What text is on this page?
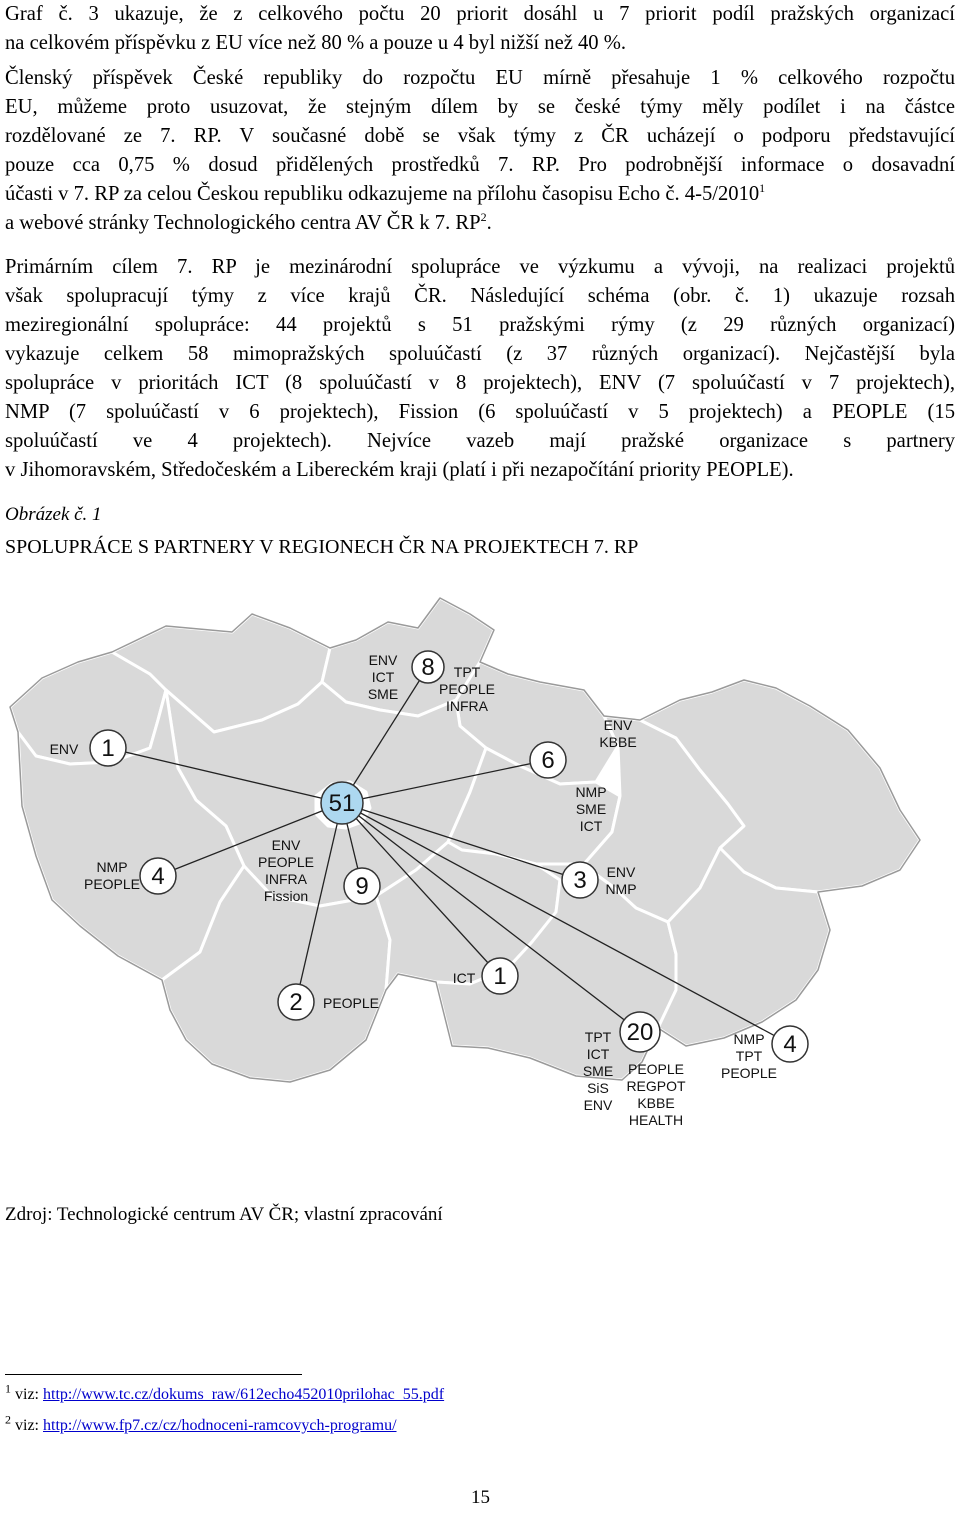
Graf č. 3 ukazuje, že z celkového počtu 20 priorit dosáhl u 7 priorit podíl pražských organizací
na celkovém příspěvku z EU více než 80 % a pouze u 4 byl nižší než 40 %.
Členský příspěvek České republiky do rozpočtu EU mírně přesahuje 1 % celkového rozpočtu
EU, můžeme proto usuzovat, že stejným dílem by se české týmy měly podílet i na částce
rozdělované ze 7. RP. V současné době se však týmy z ČR ucházejí o podporu představující
pouze cca 0,75 % dosud přidělených prostředků 7. RP. Pro podrobnější informace o dosavadní
účasti v 7. RP za celou Českou republiku odkazujeme na přílohu časopisu Echo č. 4-5/2010$^1$
a webové stránky Technologického centra AV ČR k 7. $RP^2$.
Primárním cílem 7. RP je mezinárodní spolupráce ve výzkumu a vývoji, na realizaci projektů
však spolupracují týmy z více krajů ČR. Následující schéma (obr. č. 1) ukazuje rozsah
meziregionální spolupráce: 44 projektů s 51 pražskými rýmy (z 29 různých organizací)
vykazuje celkem 58 mimopražských spoluúčastí (z 37 různých organizací). Nejčastější byla
spolupráce v prioritách ICT (8 spoluúčastí v 8 projektech), ENV (7 spoluúčastí v 7 projektech),
NMP (7 spoluúčastí v 6 projektech), Fission (6 spoluúčastí v 5 projektech) a PEOPLE (15
spoluúčastí ve 4 projektech). Nejvíce vazeb mají pražské organizace s partnery
v Jihomoravském, Středočeském a Libereckém kraji (platí i při nezapočítání priority PEOPLE).
Obrázek č. 1
SPOLUPRÁCE S PARTNERY V REGIONECH ČR NA PROJEKTECH 7. RP
ENV
NMP PEOPLE
ENV ICT SME
TPT PEOPLE INFRA
ENV KBBE
NMP SME ICT
ENV PEOPLE INFRA Fission
ENV NMP
PEOPLE
ICT
TPT ICT SME SiS ENV
PEOPLE REGPOT KBBE HEALTH
NMP TPT PEOPLE
1
4
8
6
9	3
2
1
20	4
51
Zdroj: Technologické centrum AV ČR; vlastní zpracování
$^1$ viz: http://www.tc.cz/dokums_raw/612echo452010prilohac_55.pdf
$^2$ viz: http://www.fp7.cz/cz/hodnoceni-ramcovych-programu/
15
